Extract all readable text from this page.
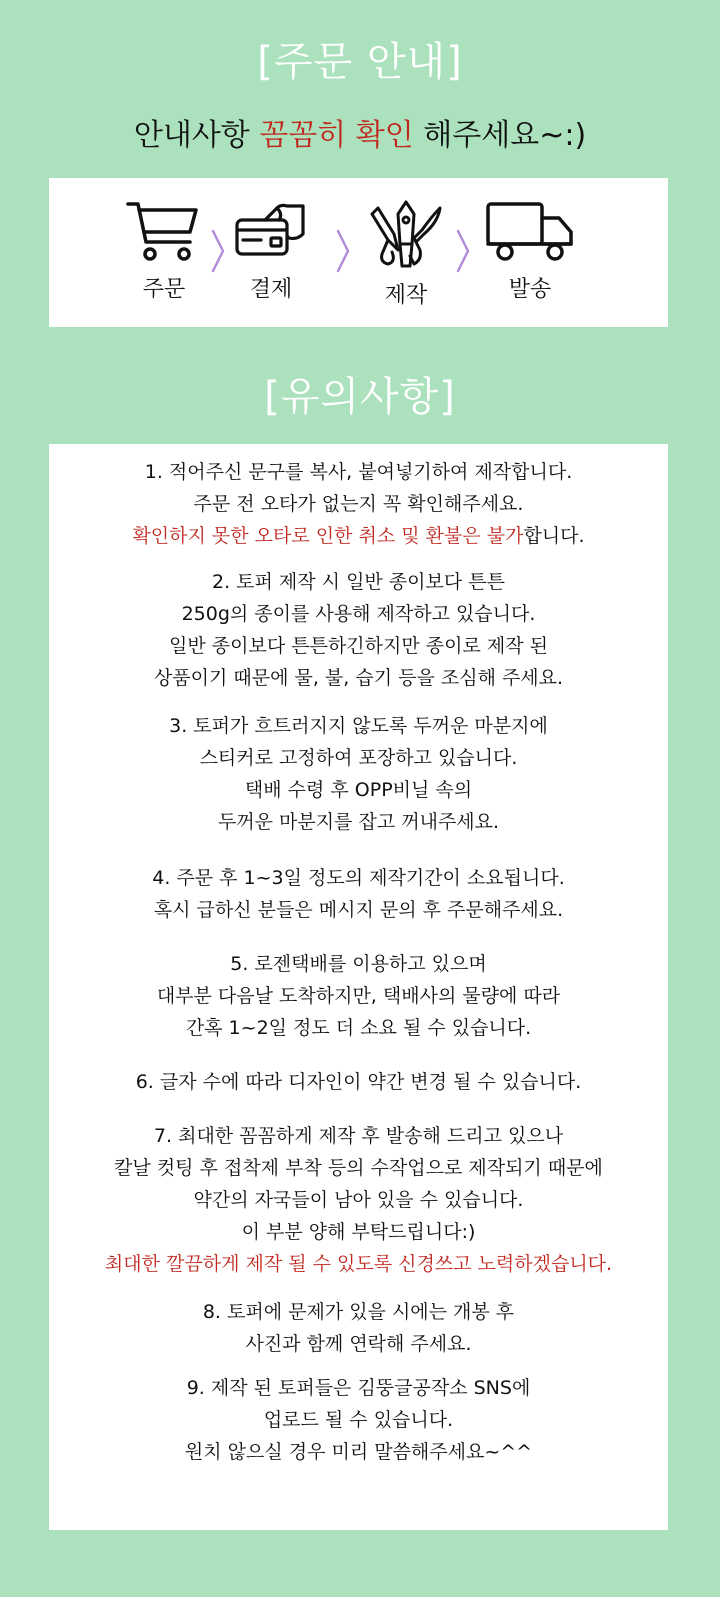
[주문 안내]
안내사항 꼼꼼히 확인 해주세요~:)
주문	결제	제작	발송
[유의사항]
1. 적어주신 문구를 복사, 붙여넣기하여 제작합니다.
주문 전 오타가 없는지 꼭 확인해주세요.
확인하지 못한 오타로 인한 취소 및 환불은 불가합니다.
2. 토퍼 제작 시 일반 종이보다 튼튼
250g의 종이를 사용해 제작하고 있습니다.
일반 종이보다 튼튼하긴하지만 종이로 제작 된
상품이기 때문에 물, 불, 습기 등을 조심해 주세요.
3. 토퍼가 흐트러지지 않도록 두꺼운 마분지에
스티커로 고정하여 포장하고 있습니다.
택배 수령 후 OPP비닐 속의
두꺼운 마분지를 잡고 꺼내주세요.
4. 주문 후 1~3일 정도의 제작기간이 소요됩니다.
혹시 급하신 분들은 메시지 문의 후 주문해주세요.
5. 로젠택배를 이용하고 있으며
대부분 다음날 도착하지만, 택배사의 물량에 따라
간혹 1~2일 정도 더 소요 될 수 있습니다.
6. 글자 수에 따라 디자인이 약간 변경 될 수 있습니다.
7. 최대한 꼼꼼하게 제작 후 발송해 드리고 있으나
칼날 컷팅 후 접착제 부착 등의 수작업으로 제작되기 때문에
약간의 자국들이 남아 있을 수 있습니다.
이 부분 양해 부탁드립니다:)
최대한 깔끔하게 제작 될 수 있도록 신경쓰고 노력하겠습니다.
8. 토퍼에 문제가 있을 시에는 개봉 후
사진과 함께 연락해 주세요.
9. 제작 된 토퍼들은 김뚱글공작소 SNS에
업로드 될 수 있습니다.
원치 않으실 경우 미리 말씀해주세요~^^
